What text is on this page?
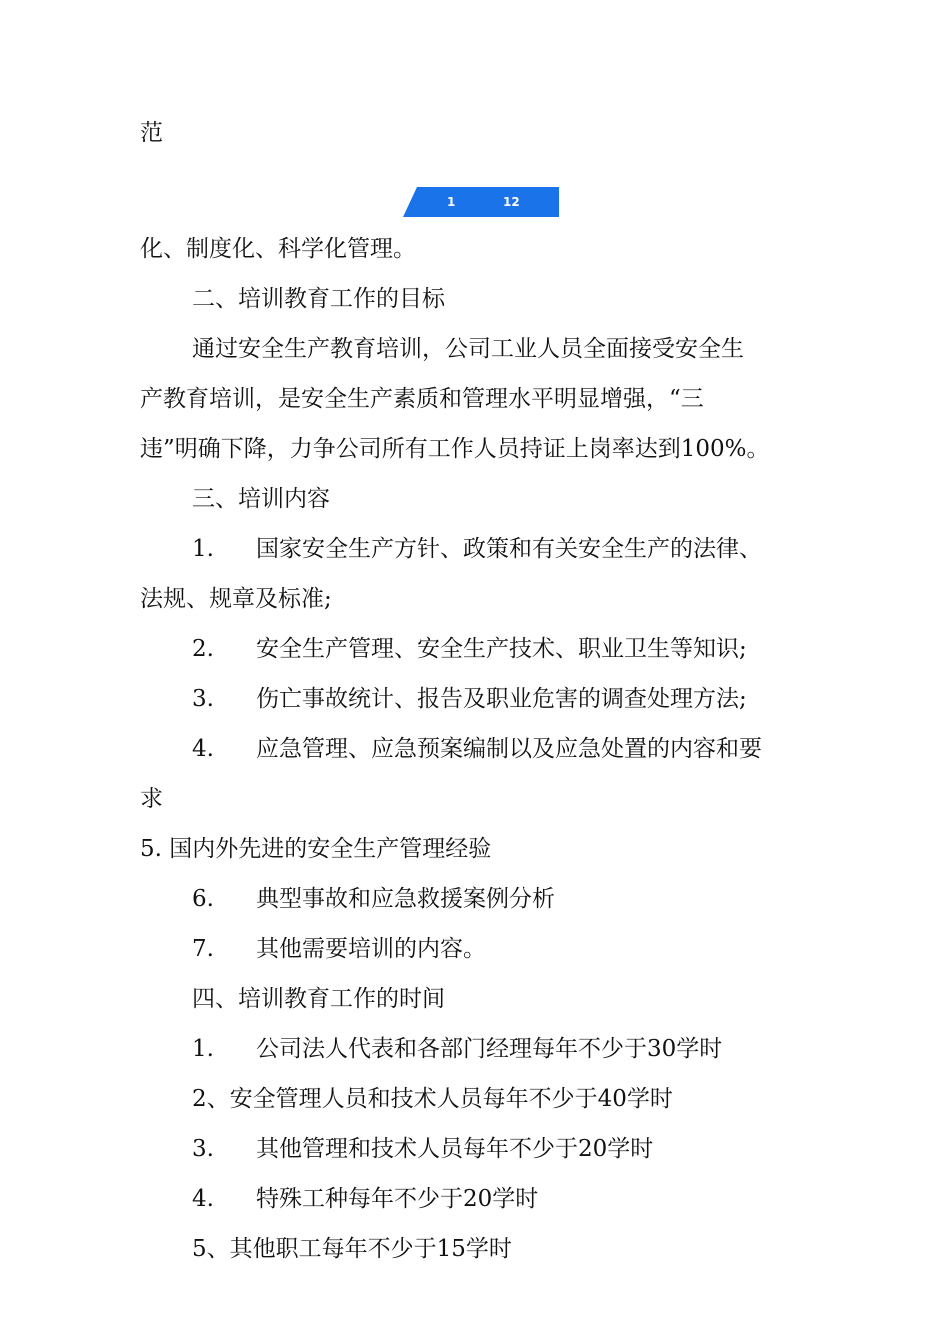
范
1	12
化、制度化、科学化管理。
二、培训教育工作的目标
通过安全生产教育培训，公司工业人员全面接受安全生
产教育培训，是安全生产素质和管理水平明显增强，“三
违”明确下降，力争公司所有工作人员持证上岗率达到100%。
三、培训内容
1. 国家安全生产方针、政策和有关安全生产的法律、
法规、规章及标准;
2. 安全生产管理、安全生产技术、职业卫生等知识;
3. 伤亡事故统计、报告及职业危害的调查处理方法;
4. 应急管理、应急预案编制以及应急处置的内容和要
求
5. 国内外先进的安全生产管理经验
6. 典型事故和应急救援案例分析
7. 其他需要培训的内容。
四、培训教育工作的时间
1. 公司法人代表和各部门经理每年不少于30学时
2、安全管理人员和技术人员每年不少于40学时
3. 其他管理和技术人员每年不少于20学时
4. 特殊工种每年不少于20学时
5、其他职工每年不少于15学时
